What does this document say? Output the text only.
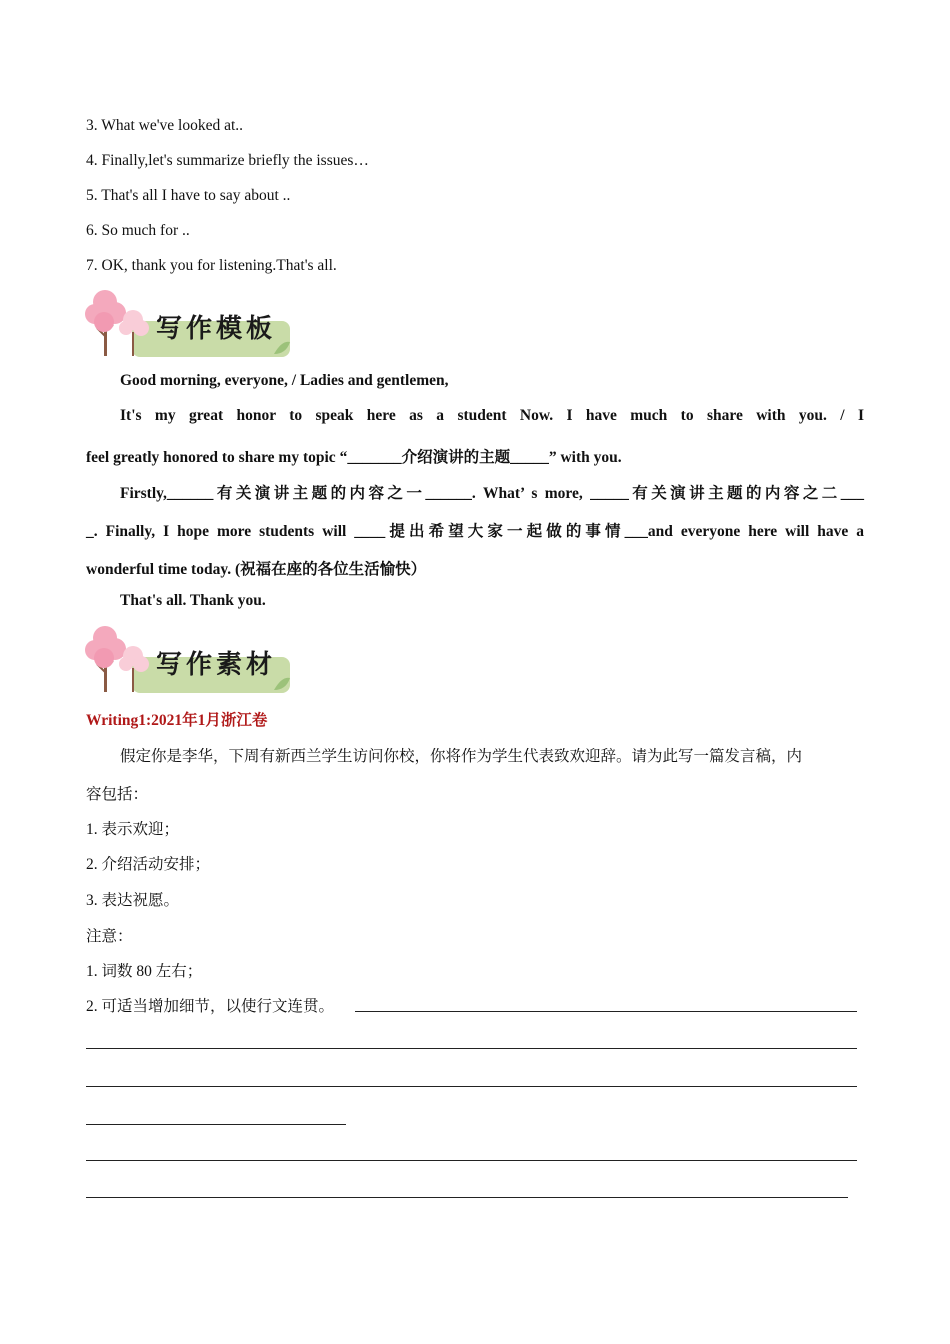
3. What we've looked at..
4. Finally,let's summarize briefly the issues…
5. That's all I have to say about ..
6. So much for ..
7. OK, thank you for listening.That's all.
写作模板
Good morning, everyone, / Ladies and gentlemen,
It's my great honor to speak here as a student Now. I have much to share with you. / I
feel greatly honored to share my topic “_______介绍演讲的主题_____” with you.
Firstly,______有关演讲主题的内容之一______. What’ s more, _____有关演讲主题的内容之二___
_. Finally, I hope more students will ____提出希望大家一起做的事情___and everyone here will have a
wonderful time today. (祝福在座的各位生活愉快）
That's all. Thank you.
写作素材
Writing1:2021年1月浙江卷
假定你是李华，下周有新西兰学生访问你校，你将作为学生代表致欢迎辞。请为此写一篇发言稿，内
容包括：
1. 表示欢迎；
2. 介绍活动安排；
3. 表达祝愿。
注意：
1. 词数 80 左右；
2. 可适当增加细节，以使行文连贯。
